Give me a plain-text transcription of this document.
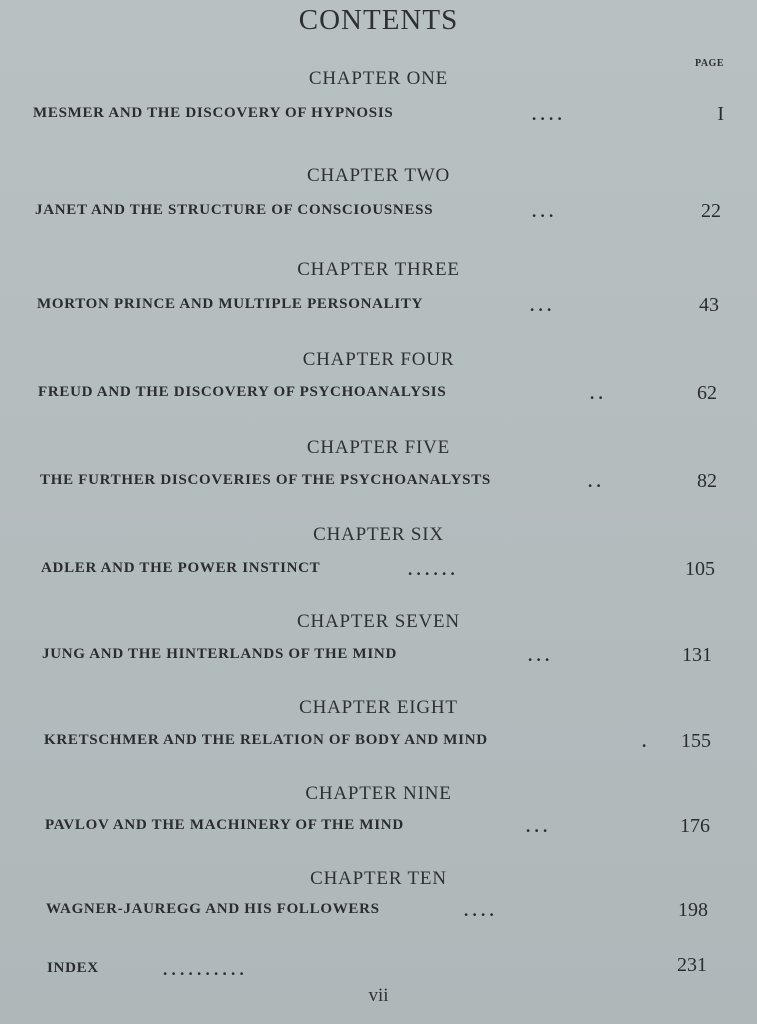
CONTENTS
PAGE
CHAPTER ONE
MESMER AND THE DISCOVERY OF HYPNOSIS	. . . .	I
CHAPTER TWO
JANET AND THE STRUCTURE OF CONSCIOUSNESS	. . .	22
CHAPTER THREE
MORTON PRINCE AND MULTIPLE PERSONALITY	. . .	43
CHAPTER FOUR
FREUD AND THE DISCOVERY OF PSYCHOANALYSIS	. .	62
CHAPTER FIVE
THE FURTHER DISCOVERIES OF THE PSYCHOANALYSTS	. .	82
CHAPTER SIX
ADLER AND THE POWER INSTINCT	. . . . . .	105
CHAPTER SEVEN
JUNG AND THE HINTERLANDS OF THE MIND	. . .	131
CHAPTER EIGHT
KRETSCHMER AND THE RELATION OF BODY AND MIND	. 155
CHAPTER NINE
PAVLOV AND THE MACHINERY OF THE MIND	. . .	176
CHAPTER TEN
WAGNER-JAUREGG AND HIS FOLLOWERS	. . . .	198
INDEX	. . . . . . . . . .	231
vii
